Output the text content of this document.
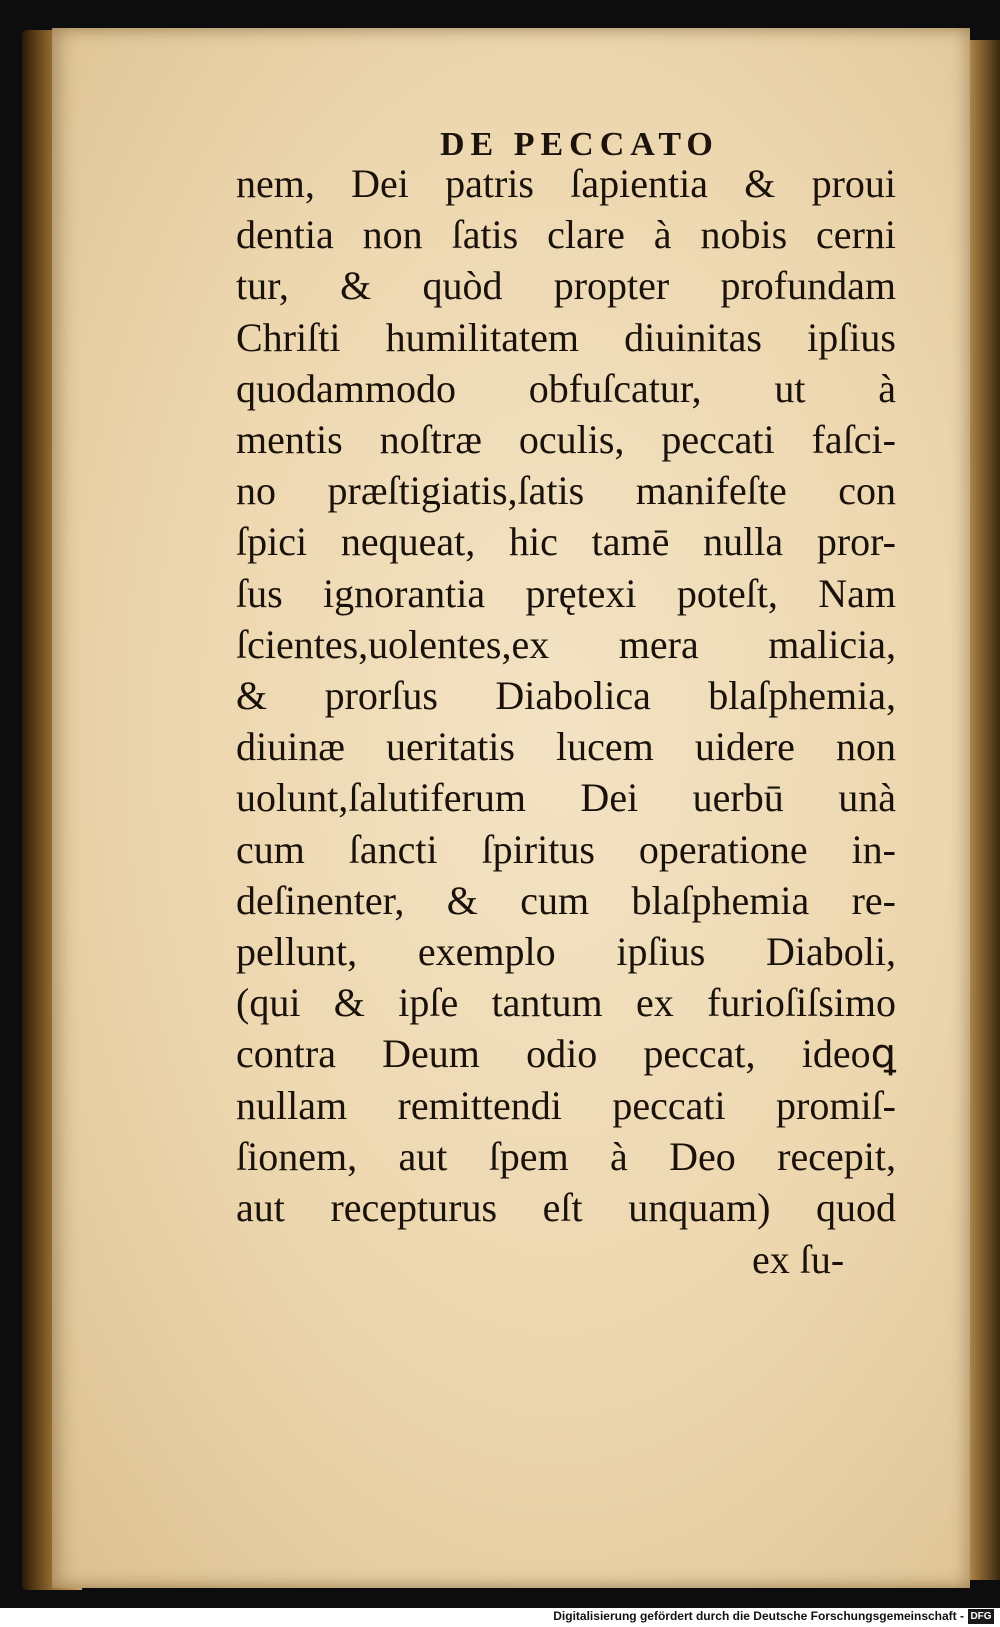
DE PECCATO
nem, Dei patris ſapientia & proui
dentia non ſatis clare à nobis cerni
tur, & quòd propter profundam
Chriſti humilitatem diuinitas ipſius
quodammodo obfuſcatur, ut à
mentis noſtræ oculis, peccati faſci-
no præſtigiatis,ſatis manifeſte con
ſpici nequeat, hic tamē nulla pror-
ſus ignorantia prętexi poteſt, Nam
ſcientes,uolentes,ex mera malicia,
& prorſus Diabolica blaſphemia,
diuinæ ueritatis lucem uidere non
uolunt,ſalutiferum Dei uerbū unà
cum ſancti ſpiritus operatione in-
deſinenter, & cum blaſphemia re-
pellunt, exemplo ipſius Diaboli,
(qui & ipſe tantum ex furioſiſsimo
contra Deum odio peccat, ideoꝗ
nullam remittendi peccati promiſ-
ſionem, aut ſpem à Deo recepit,
aut recepturus eſt unquam) quod
ex ſu-
Digitalisierung gefördert durch die Deutsche Forschungsgemeinschaft - DFG
